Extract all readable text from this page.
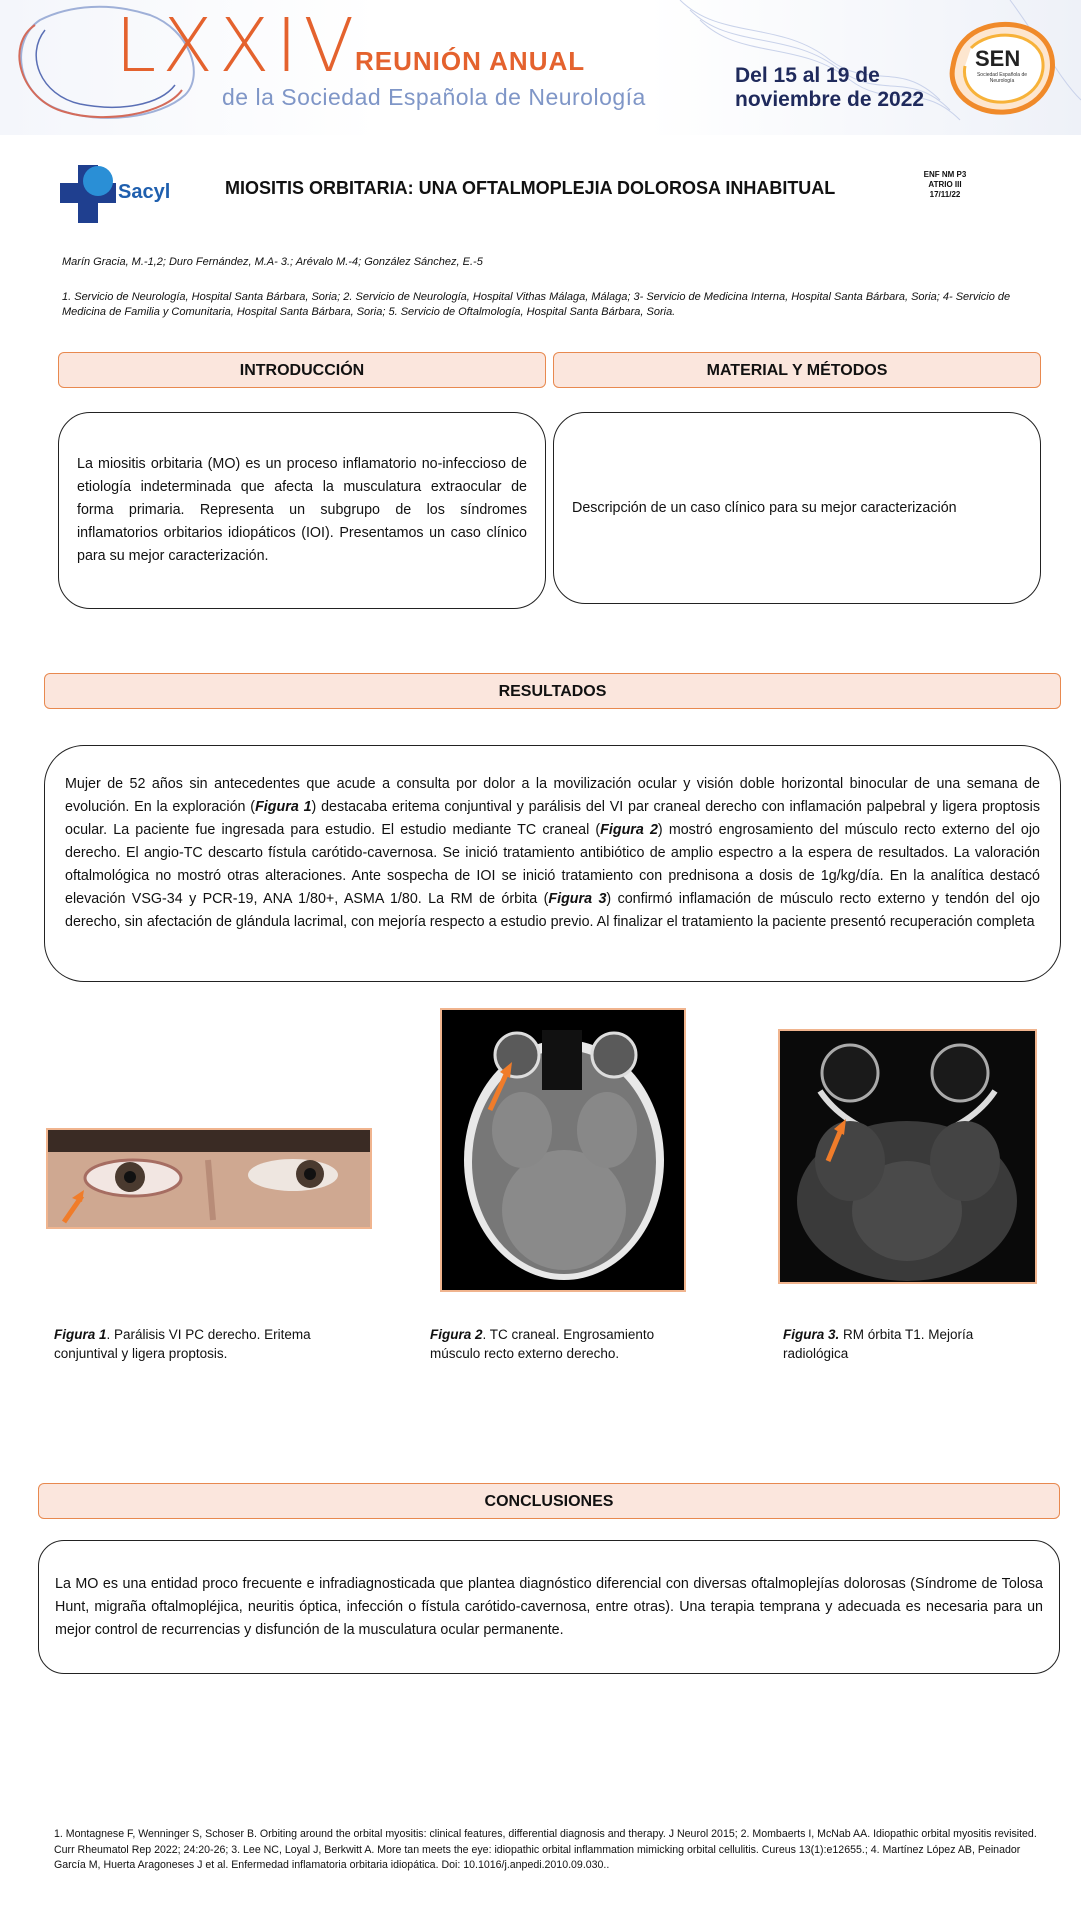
LXXIV
REUNIÓN ANUAL
de la Sociedad Española de Neurología
Del 15 al 19 de
noviembre de 2022
SEN
Sociedad Española de Neurología
Sacyl	MIOSITIS ORBITARIA: UNA OFTALMOPLEJIA DOLOROSA INHABITUAL
ENF NM P3
ATRIO III
17/11/22
Marín Gracia, M.-1,2; Duro Fernández, M.A- 3.; Arévalo M.-4; González Sánchez, E.-5
1. Servicio de Neurología, Hospital Santa Bárbara, Soria; 2. Servicio de Neurología, Hospital Vithas Málaga, Málaga; 3- Servicio de Medicina Interna, Hospital Santa Bárbara, Soria; 4- Servicio de Medicina de Familia y Comunitaria, Hospital Santa Bárbara, Soria; 5. Servicio de Oftalmología, Hospital Santa Bárbara, Soria.
INTRODUCCIÓN	MATERIAL Y MÉTODOS
La miositis orbitaria (MO) es un proceso inflamatorio no-infeccioso de etiología indeterminada que afecta la musculatura extraocular de forma primaria. Representa un subgrupo de los síndromes inflamatorios orbitarios idiopáticos (IOI). Presentamos un caso clínico para su mejor caracterización.
Descripción de un caso clínico para su mejor caracterización
RESULTADOS
Mujer de 52 años sin antecedentes que acude a consulta por dolor a la movilización ocular y visión doble horizontal binocular de una semana de evolución. En la exploración (Figura 1) destacaba eritema conjuntival y parálisis del VI par craneal derecho con inflamación palpebral y ligera proptosis ocular. La paciente fue ingresada para estudio. El estudio mediante TC craneal (Figura 2) mostró engrosamiento del músculo recto externo del ojo derecho. El angio-TC descarto fístula carótido-cavernosa. Se inició tratamiento antibiótico de amplio espectro a la espera de resultados. La valoración oftalmológica no mostró otras alteraciones. Ante sospecha de IOI se inició tratamiento con prednisona a dosis de 1g/kg/día. En la analítica destacó elevación VSG-34 y PCR-19, ANA 1/80+, ASMA 1/80. La RM de órbita (Figura 3) confirmó inflamación de músculo recto externo y tendón del ojo derecho, sin afectación de glándula lacrimal, con mejoría respecto a estudio previo. Al finalizar el tratamiento la paciente presentó recuperación completa
Figura 1. Parálisis VI PC derecho. Eritema conjuntival y ligera proptosis.
Figura 2. TC craneal. Engrosamiento músculo recto externo derecho.
Figura 3. RM órbita T1. Mejoría radiológica
CONCLUSIONES
La MO es una entidad proco frecuente e infradiagnosticada que plantea diagnóstico diferencial con diversas oftalmoplejías dolorosas (Síndrome de Tolosa Hunt, migraña oftalmopléjica, neuritis óptica, infección o fístula carótido-cavernosa, entre otras). Una terapia temprana y adecuada es necesaria para un mejor control de recurrencias y disfunción de la musculatura ocular permanente.
1. Montagnese F, Wenninger S, Schoser B. Orbiting around the orbital myositis: clinical features, differential diagnosis and therapy. J Neurol 2015; 2. Mombaerts I, McNab AA. Idiopathic orbital myositis revisited. Curr Rheumatol Rep 2022; 24:20-26; 3. Lee NC, Loyal J, Berkwitt A. More tan meets the eye: idiopathic orbital inflammation mimicking orbital cellulitis. Cureus 13(1):e12655.; 4. Martínez López AB, Peinador García M, Huerta Aragoneses J et al. Enfermedad inflamatoria orbitaria idiopática. Doi: 10.1016/j.anpedi.2010.09.030..
